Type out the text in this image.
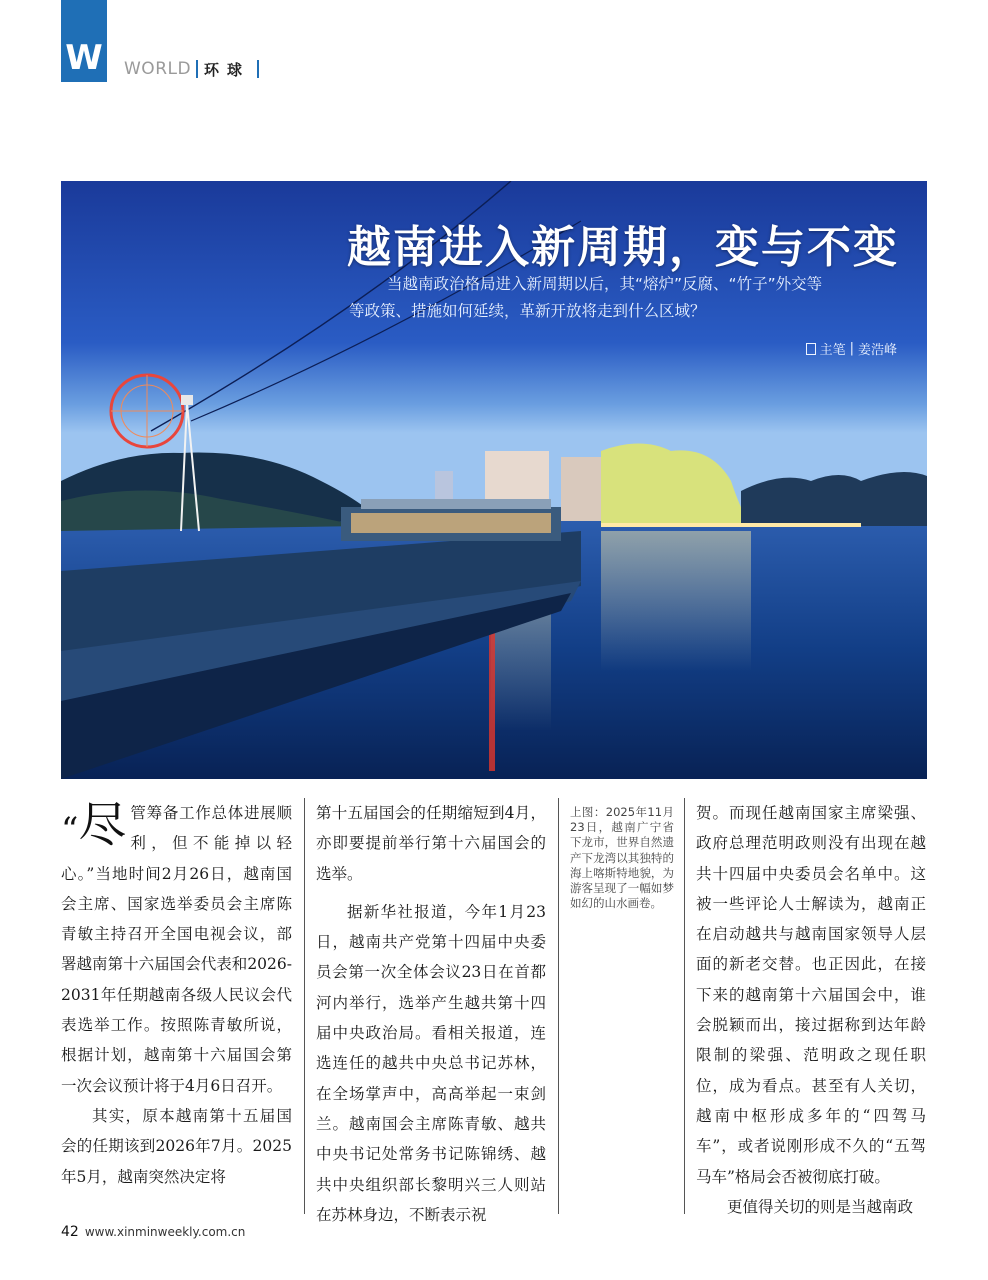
W WORLD 环球
越南进入新周期，变与不变
当越南政治格局进入新周期以后，其“熔炉”反腐、“竹子”外交等
等政策、措施如何延续，革新开放将走到什么区域？
主笔 | 姜浩峰

“尽 管筹备工作总体进展顺利，但不能掉以轻心。”当地时间2月26日，越南国会主席、国家选举委员会主席陈青敏主持召开全国电视会议，部署越南第十六届国会代表和2026-2031年任期越南各级人民议会代表选举工作。按照陈青敏所说，根据计划，越南第十六届国会第一次会议预计将于4月6日召开。

其实，原本越南第十五届国会的任期该到2026年7月。2025年5月，越南突然决定将

第十五届国会的任期缩短到4月，亦即要提前举行第十六届国会的选举。

据新华社报道，今年1月23日，越南共产党第十四届中央委员会第一次全体会议23日在首都河内举行，选举产生越共第十四届中央政治局。看相关报道，连选连任的越共中央总书记苏林，在全场掌声中，高高举起一束剑兰。越南国会主席陈青敏、越共中央书记处常务书记陈锦绣、越共中央组织部长黎明兴三人则站在苏林身边，不断表示祝

上图：2025年11月23日，越南广宁省下龙市，世界自然遗产下龙湾以其独特的海上喀斯特地貌，为游客呈现了一幅如梦如幻的山水画卷。

贺。而现任越南国家主席梁强、政府总理范明政则没有出现在越共十四届中央委员会名单中。这被一些评论人士解读为，越南正在启动越共与越南国家领导人层面的新老交替。也正因此，在接下来的越南第十六届国会中，谁会脱颖而出，接过据称到达年龄限制的梁强、范明政之现任职位，成为看点。甚至有人关切，越南中枢形成多年的“四驾马车”，或者说刚形成不久的“五驾马车”格局会否被彻底打破。

更值得关切的则是当越南政

42 www.xinminweekly.com.cn
